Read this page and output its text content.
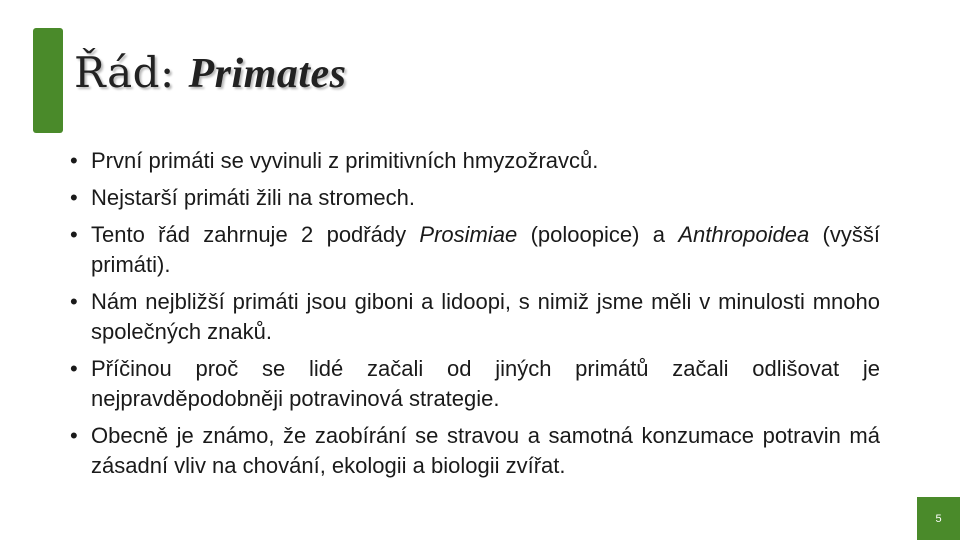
Řád: Primates

• První primáti se vyvinuli z primitivních hmyzožravců.

• Nejstarší primáti žili na stromech.

• Tento řád zahrnuje 2 podřády Prosimiae (poloopice) a Anthropoidea (vyšší primáti).

• Nám nejbližší primáti jsou giboni a lidoopi, s nimiž jsme měli v minulosti mnoho společných znaků.

• Příčinou proč se lidé začali od jiných primátů začali odlišovat je nejpravděpodobněji potravinová strategie.

• Obecně je známo, že zaobírání se stravou a samotná konzumace potravin má zásadní vliv na chování, ekologii a biologii zvířat.

5
